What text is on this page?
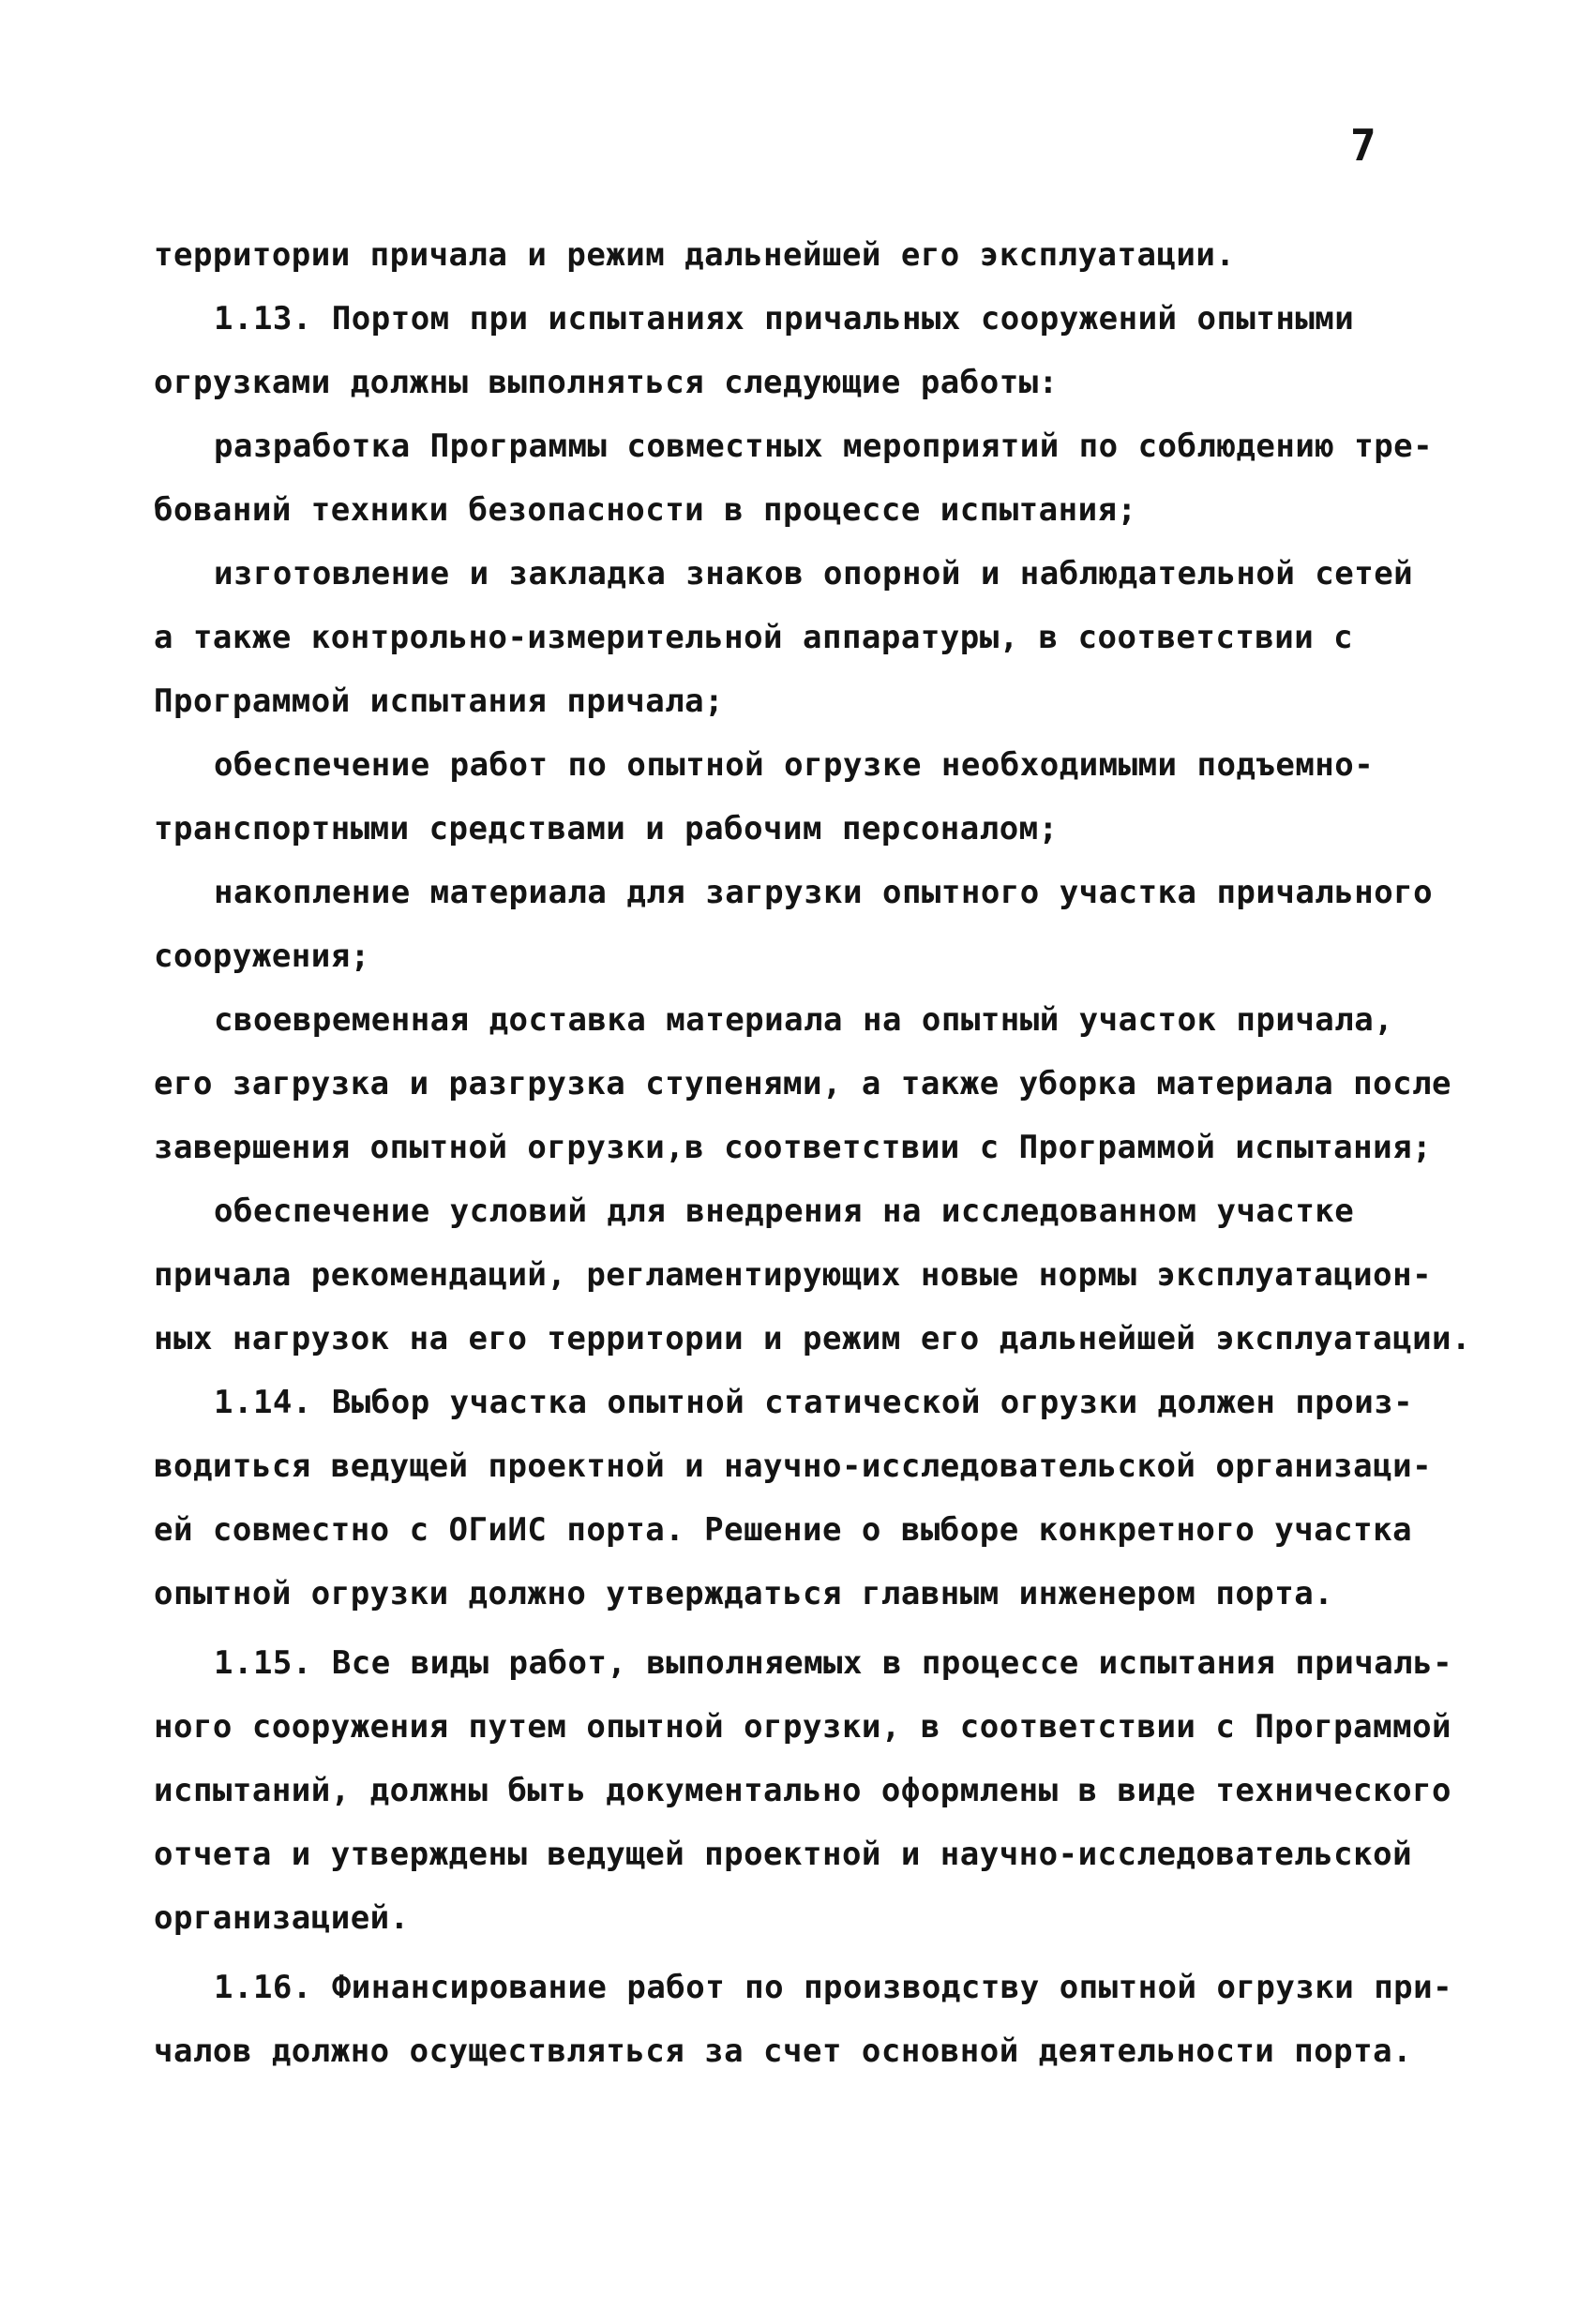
7
территории причала и режим дальнейшей его эксплуатации.
1.13. Портом при испытаниях причальных сооружений опытными
огрузками должны выполняться следующие работы:
разработка Программы совместных мероприятий по соблюдению тре-
бований техники безопасности в процессе испытания;
изготовление и закладка знаков опорной и наблюдательной сетей
а также контрольно-измерительной аппаратуры, в соответствии с
Программой испытания причала;
обеспечение работ по опытной огрузке необходимыми подъемно-
транспортными средствами и рабочим персоналом;
накопление материала для загрузки опытного участка причального
сооружения;
своевременная доставка материала на опытный участок причала,
его загрузка и разгрузка ступенями, а также уборка материала после
завершения опытной огрузки,в соответствии с Программой испытания;
обеспечение условий для внедрения на исследованном участке
причала рекомендаций, регламентирующих новые нормы эксплуатацион-
ных нагрузок на его территории и режим его дальнейшей эксплуатации.
1.14. Выбор участка опытной статической огрузки должен произ-
водиться ведущей проектной и научно-исследовательской организаци-
ей совместно с ОГиИС порта. Решение о выборе конкретного участка
опытной огрузки должно утверждаться главным инженером порта.
1.15. Все виды работ, выполняемых в процессе испытания причаль-
ного сооружения путем опытной огрузки, в соответствии с Программой
испытаний, должны быть документально оформлены в виде технического
отчета и утверждены ведущей проектной и научно-исследовательской
организацией.
1.16. Финансирование работ по производству опытной огрузки при-
чалов должно осуществляться за счет основной деятельности порта.
